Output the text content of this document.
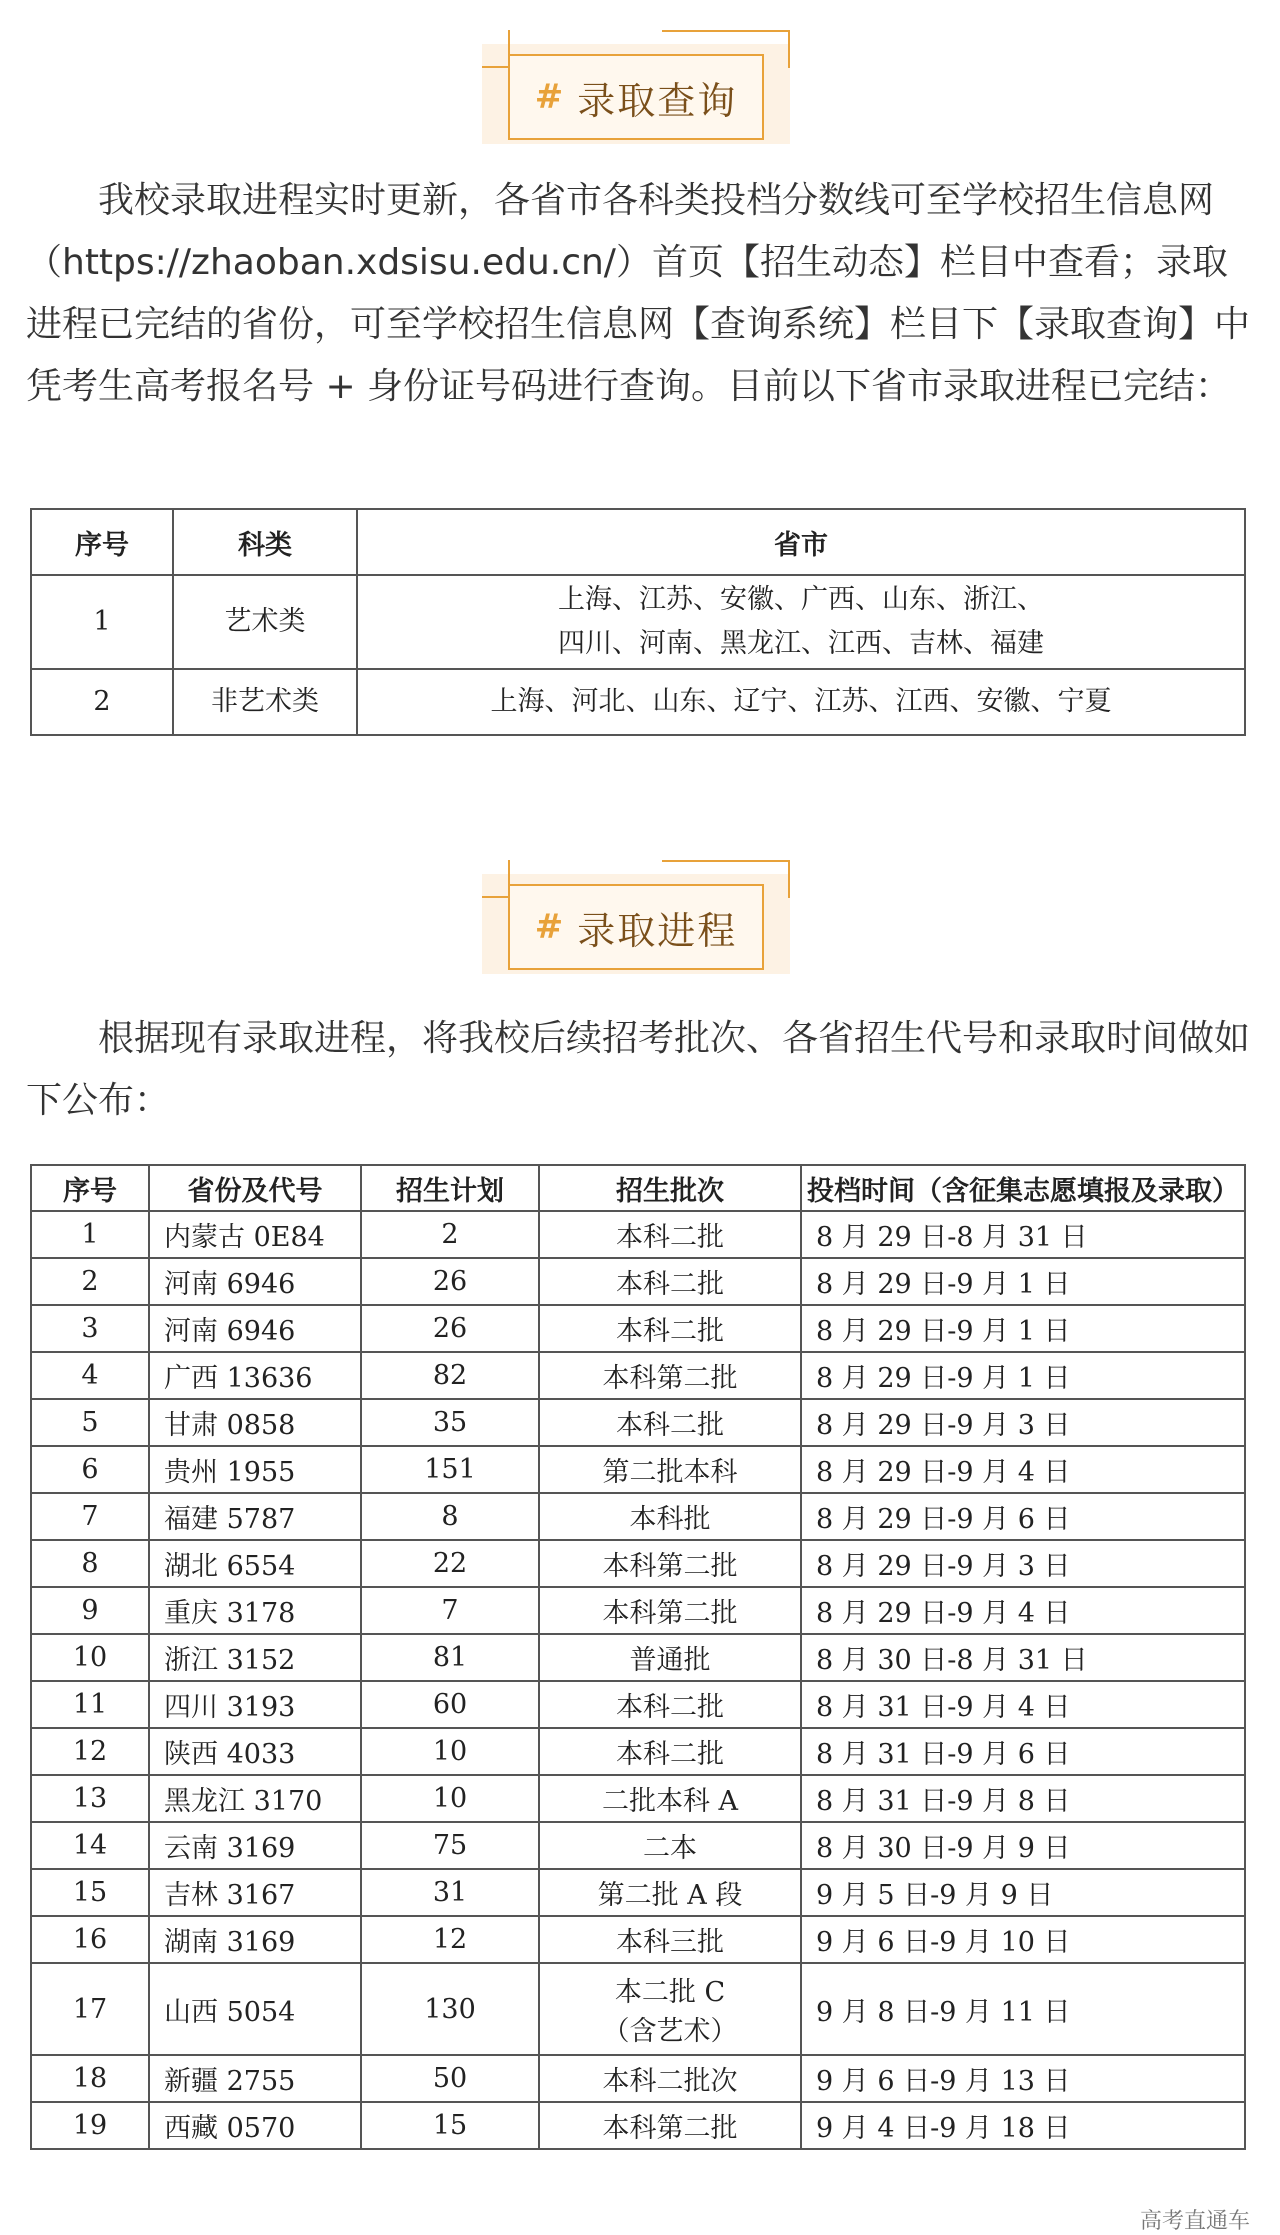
# 录取查询

我校录取进程实时更新，各省市各科类投档分数线可至学校招生信息网（https://zhaoban.xdsisu.edu.cn/）首页【招生动态】栏目中查看；录取进程已完结的省份，可至学校招生信息网【查询系统】栏目下【录取查询】中凭考生高考报名号 + 身份证号码进行查询。目前以下省市录取进程已完结：

序号	科类	省市
1	艺术类	上海、江苏、安徽、广西、山东、浙江、
四川、河南、黑龙江、江西、吉林、福建

2	非艺术类	上海、河北、山东、辽宁、江苏、江西、安徽、宁夏
# 录取进程

根据现有录取进程，将我校后续招考批次、各省招生代号和录取时间做如下公布：

序号	省份及代号	招生计划	招生批次	投档时间（含征集志愿填报及录取）
1	内蒙古 0E84	2	本科二批	8 月 29 日-8 月 31 日
2	河南 6946	26	本科二批	8 月 29 日-9 月 1 日
3	河南 6946	26	本科二批	8 月 29 日-9 月 1 日
4	广西 13636	82	本科第二批	8 月 29 日-9 月 1 日
5	甘肃 0858	35	本科二批	8 月 29 日-9 月 3 日
6	贵州 1955	151	第二批本科	8 月 29 日-9 月 4 日
7	福建 5787	8	本科批	8 月 29 日-9 月 6 日
8	湖北 6554	22	本科第二批	8 月 29 日-9 月 3 日
9	重庆 3178	7	本科第二批	8 月 29 日-9 月 4 日
10	浙江 3152	81	普通批	8 月 30 日-8 月 31 日
11	四川 3193	60	本科二批	8 月 31 日-9 月 4 日
12	陕西 4033	10	本科二批	8 月 31 日-9 月 6 日
13	黑龙江 3170	10	二批本科 A	8 月 31 日-9 月 8 日
14	云南 3169	75	二本	8 月 30 日-9 月 9 日
15	吉林 3167	31	第二批 A 段	9 月 5 日-9 月 9 日
16	湖南 3169	12	本科三批	9 月 6 日-9 月 10 日
17	山西 5054	130	本二批 C
（含艺术）	9 月 8 日-9 月 11 日
18	新疆 2755	50	本科二批次	9 月 6 日-9 月 13 日
19	西藏 0570	15	本科第二批	9 月 4 日-9 月 18 日
高考直通车
